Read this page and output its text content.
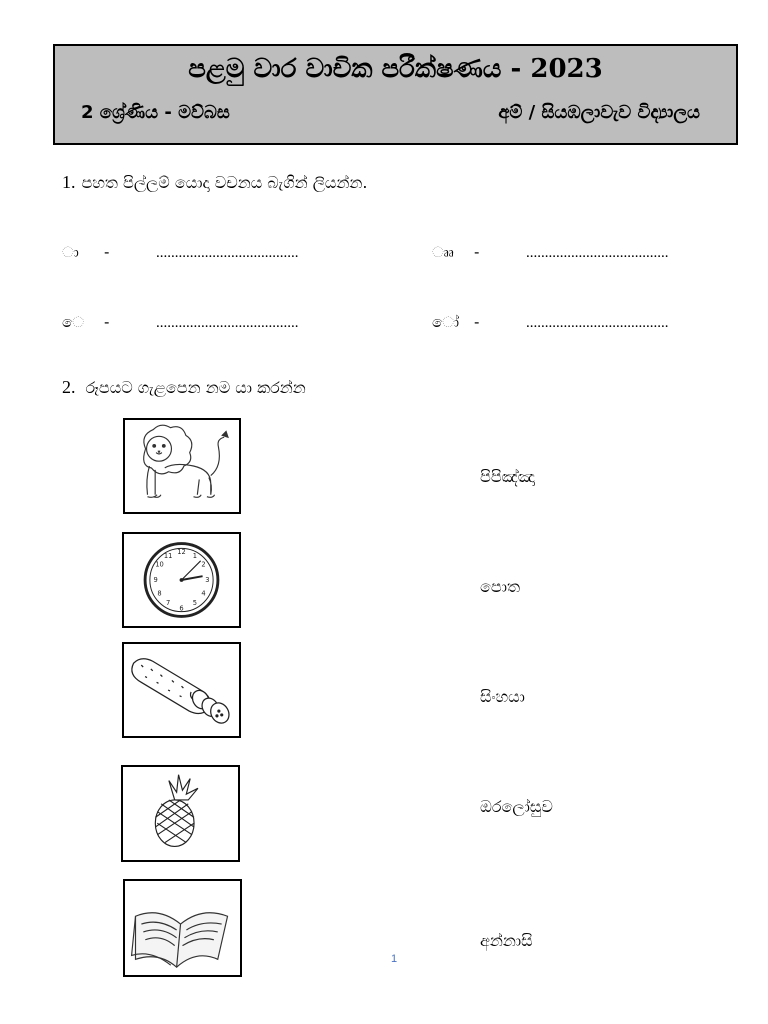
පළමු වාර වාචික පරීක්ෂණය - 2023
2 ශ්‍රේණිය - මව්බස	අම් / සියඹලාවැව විද්‍යාලය
1. පහත පිල්ලම් යොදා වචනය බැගින් ලියන්න.
ා -	......................................	ෲ -	......................................
ෙ -	......................................	ෝ -	......................................
2. රූපයට ගැළපෙන නම යා කරන්න
12 1
2
3
4
5
6
7
8
9
10
11
පිපිඤ්ඤා
පොත
සිංහයා
ඔරලෝසුව
අන්නාසි
1
